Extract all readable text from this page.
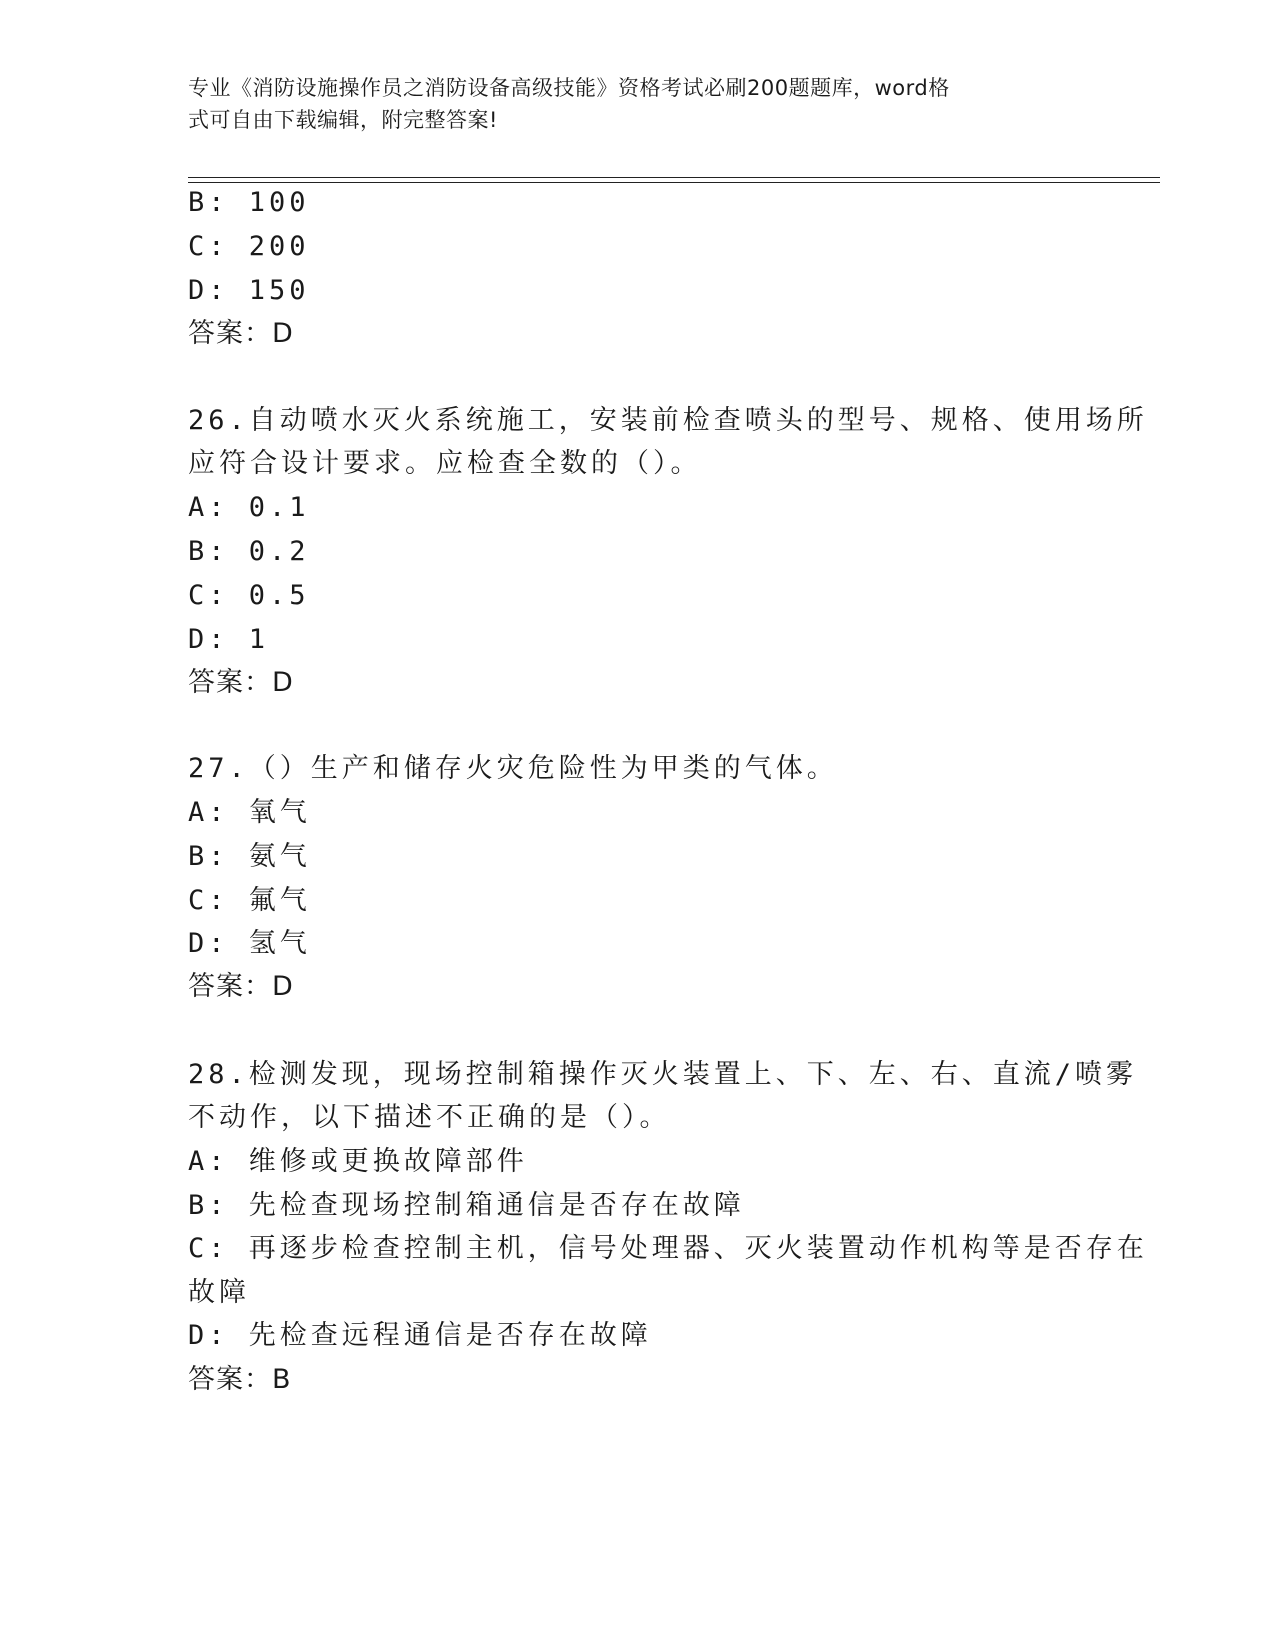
专业《消防设施操作员之消防设备高级技能》资格考试必刷200题题库，word格
式可自由下载编辑，附完整答案!
B: 100
C: 200
D: 150
答案：D
26.自动喷水灭火系统施工，安装前检查喷头的型号、规格、使用场所
应符合设计要求。应检查全数的（）。
A: 0.1
B: 0.2
C: 0.5
D: 1
答案：D
27.（）生产和储存火灾危险性为甲类的气体。
A: 氧气
B: 氨气
C: 氟气
D: 氢气
答案：D
28.检测发现，现场控制箱操作灭火装置上、下、左、右、直流/喷雾
不动作，以下描述不正确的是（）。
A: 维修或更换故障部件
B: 先检查现场控制箱通信是否存在故障
C: 再逐步检查控制主机，信号处理器、灭火装置动作机构等是否存在
故障
D: 先检查远程通信是否存在故障
答案：B
